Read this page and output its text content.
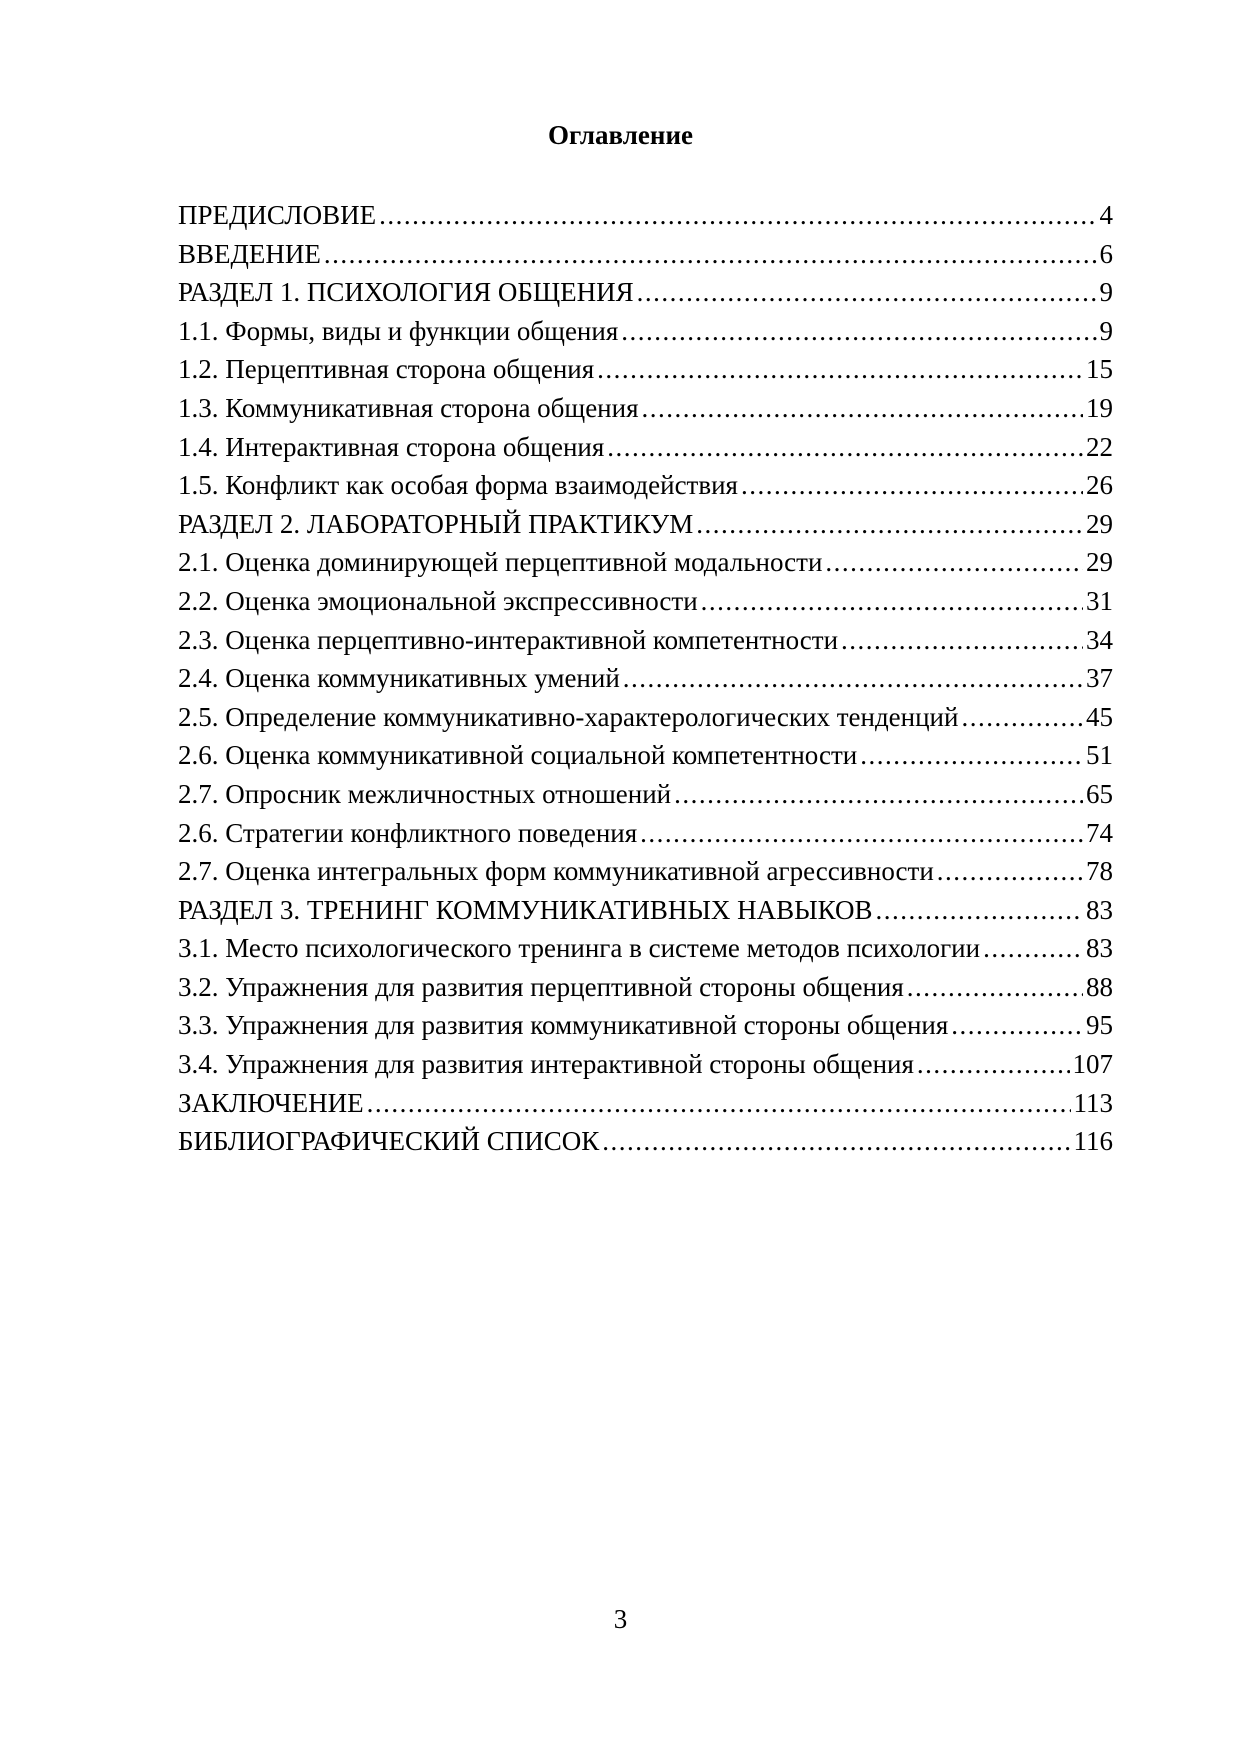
Оглавление
ПРЕДИСЛОВИЕ .....	4
ВВЕДЕНИЕ .....	6
РАЗДЕЛ 1. ПСИХОЛОГИЯ ОБЩЕНИЯ .....	9
1.1. Формы, виды и функции общения .....	9
1.2. Перцептивная сторона общения .....	15
1.3. Коммуникативная сторона общения .....	19
1.4. Интерактивная сторона общения .....	22
1.5. Конфликт как особая форма взаимодействия .....	26
РАЗДЕЛ 2. ЛАБОРАТОРНЫЙ ПРАКТИКУМ .....	29
2.1. Оценка доминирующей перцептивной модальности .....	29
2.2. Оценка эмоциональной экспрессивности .....	31
2.3. Оценка перцептивно-интерактивной компетентности .....	34
2.4. Оценка коммуникативных умений .....	37
2.5. Определение коммуникативно-характерологических тенденций .....	45
2.6. Оценка коммуникативной социальной компетентности .....	51
2.7. Опросник межличностных отношений .....	65
2.6. Стратегии конфликтного поведения .....	74
2.7. Оценка интегральных форм коммуникативной агрессивности .....	78
РАЗДЕЛ 3. ТРЕНИНГ КОММУНИКАТИВНЫХ НАВЫКОВ .....	83
3.1. Место психологического тренинга в системе методов психологии .....	83
3.2. Упражнения для развития перцептивной стороны общения .....	88
3.3. Упражнения для развития коммуникативной стороны общения .....	95
3.4. Упражнения для развития интерактивной стороны общения .....	107
ЗАКЛЮЧЕНИЕ .....	113
БИБЛИОГРАФИЧЕСКИЙ СПИСОК .....	116
3
